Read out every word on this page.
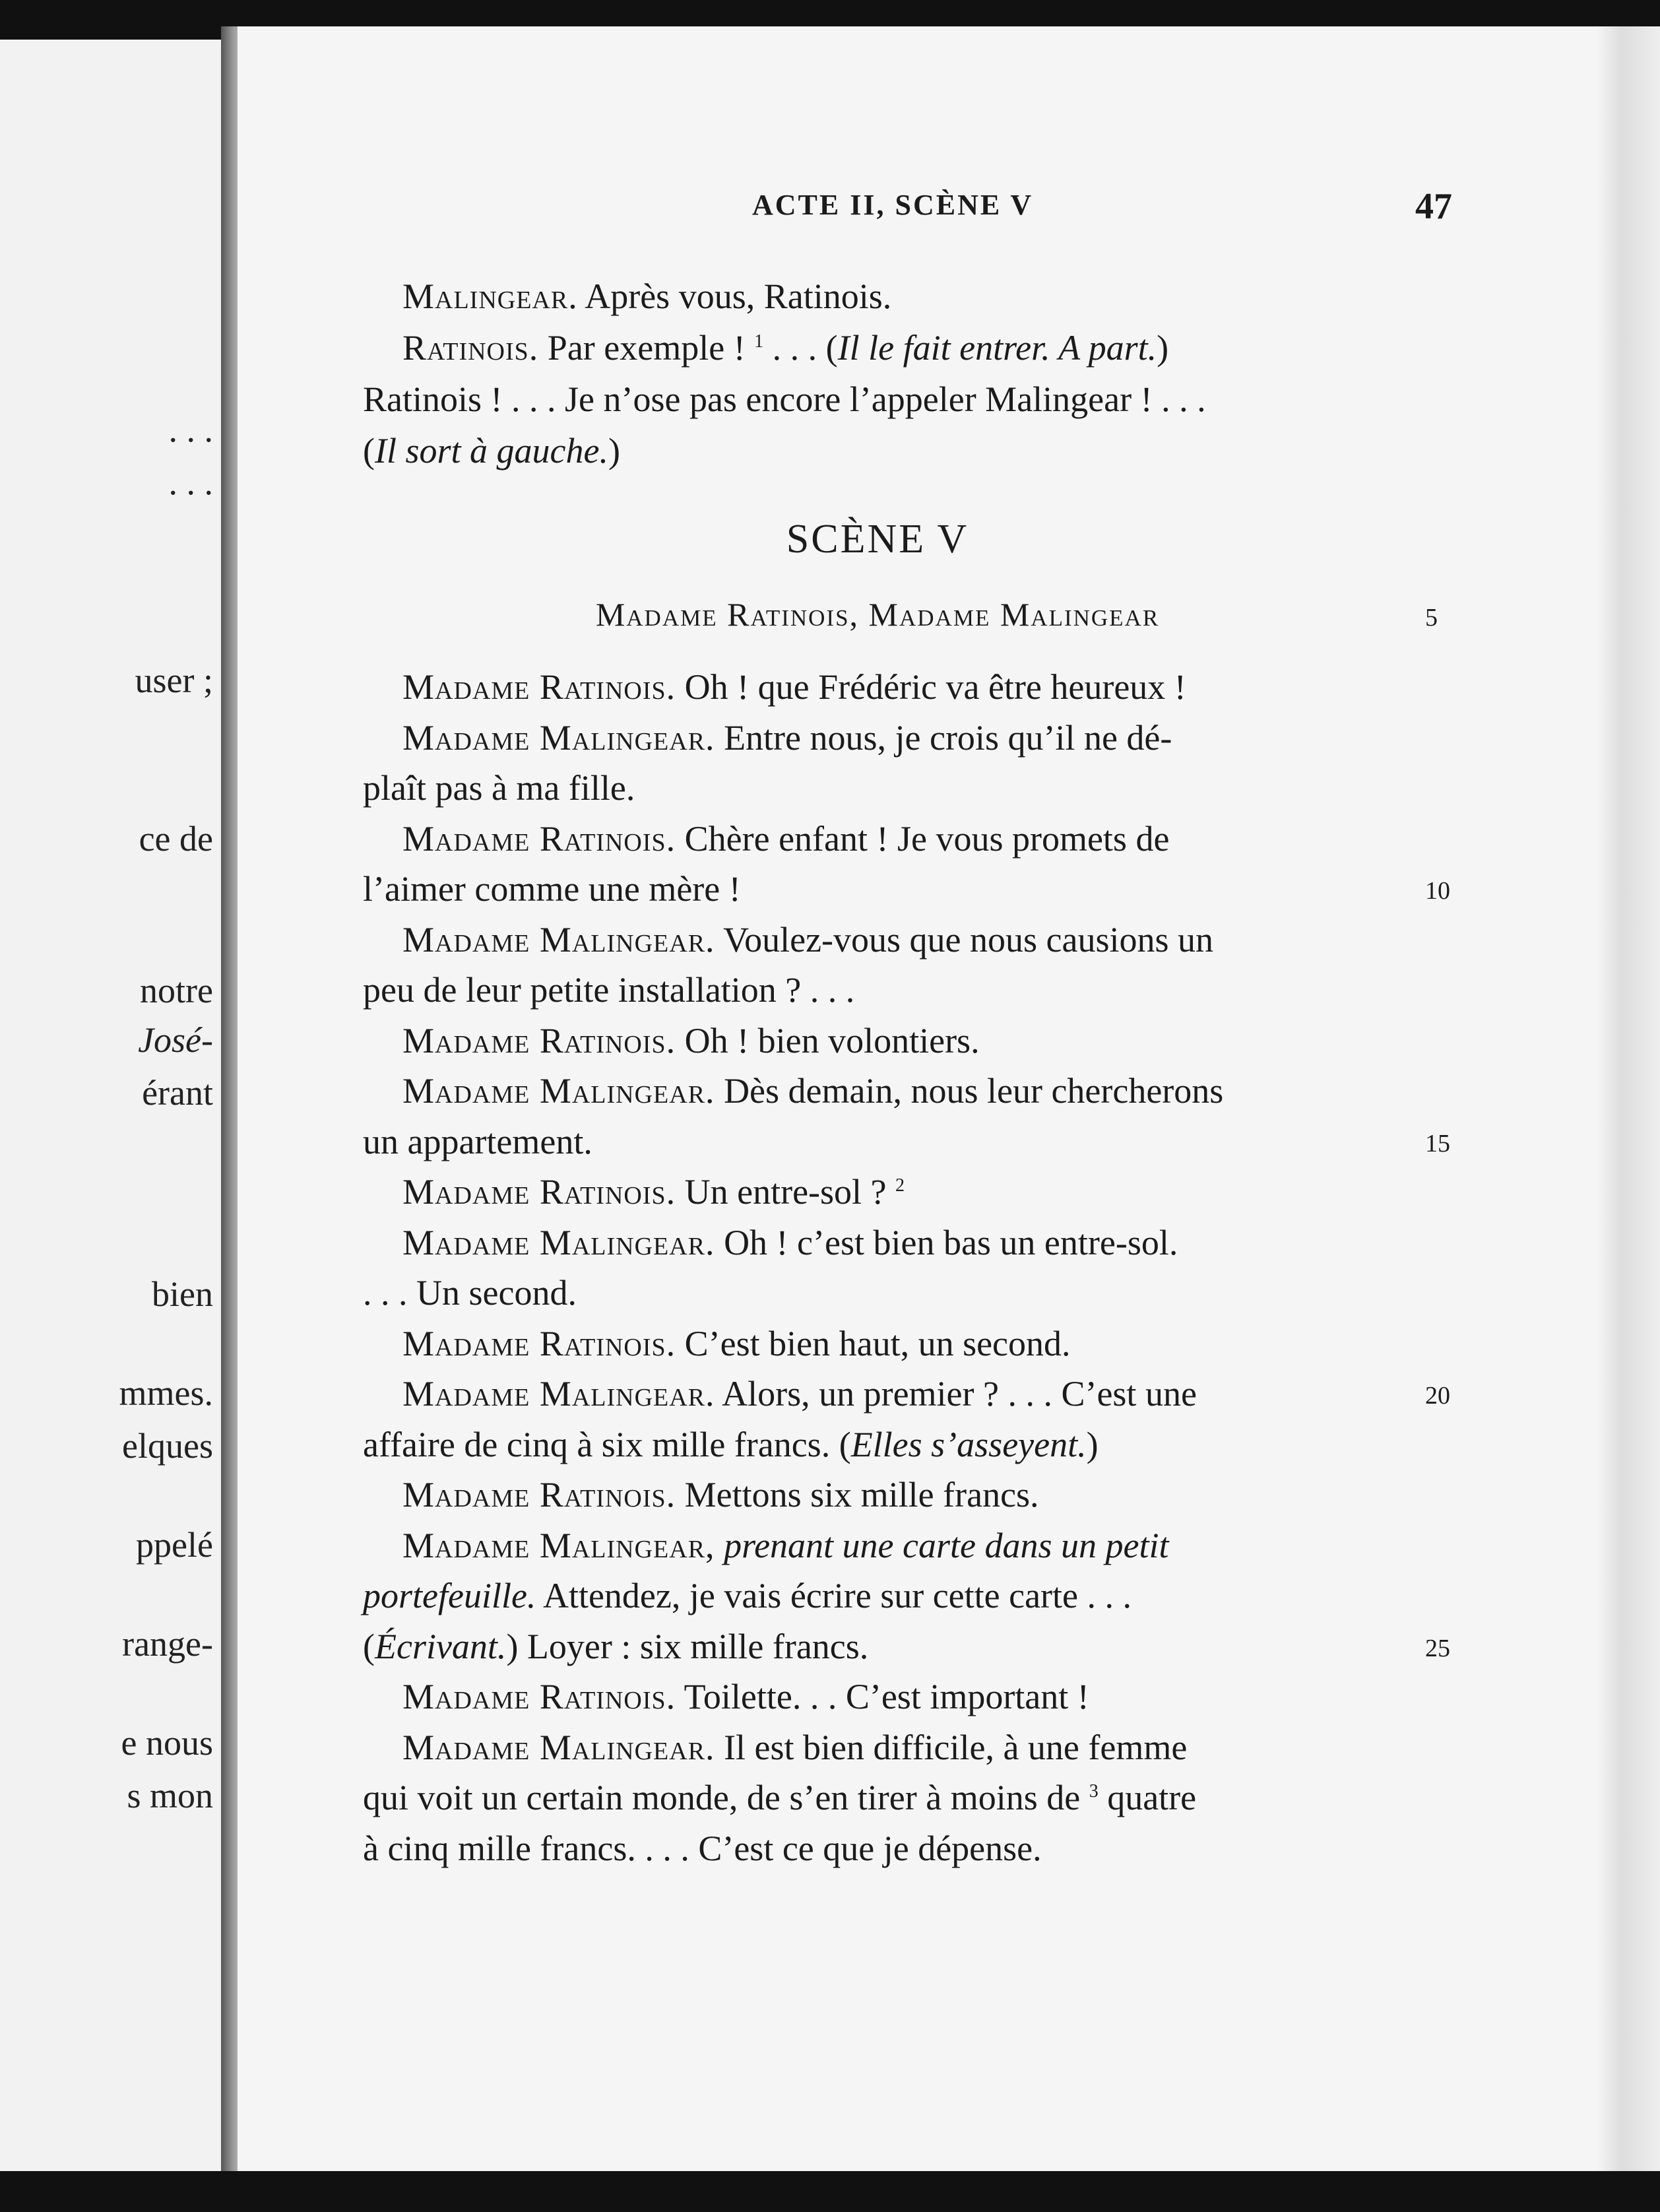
. . .
. . .
user ;
ce de
notre
José-
érant
bien
mmes.
elques
ppelé
range-
e nous
s mon
ACTE II, SCÈNE V	47
SCÈNE V
Madame Ratinois, Madame Malingear
Malingear. Après vous, Ratinois.
Ratinois. Par exemple ! $^1$ . . . (Il le fait entrer. A part.)
Ratinois ! . . . Je n’ose pas encore l’appeler Malingear ! . . .
(Il sort à gauche.)
Madame Ratinois. Oh ! que Frédéric va être heureux !
Madame Malingear. Entre nous, je crois qu’il ne dé-
plaît pas à ma fille.
Madame Ratinois. Chère enfant ! Je vous promets de
l’aimer comme une mère !
Madame Malingear. Voulez-vous que nous causions un
peu de leur petite installation ? . . .
Madame Ratinois. Oh ! bien volontiers.
Madame Malingear. Dès demain, nous leur chercherons
un appartement.
Madame Ratinois. Un entre-sol ? $^2$
Madame Malingear. Oh ! c’est bien bas un entre-sol.
. . . Un second.
Madame Ratinois. C’est bien haut, un second.
Madame Malingear. Alors, un premier ? . . . C’est une
affaire de cinq à six mille francs. (Elles s’asseyent.)
Madame Ratinois. Mettons six mille francs.
Madame Malingear, prenant une carte dans un petit
portefeuille. Attendez, je vais écrire sur cette carte . . .
(Écrivant.) Loyer : six mille francs.
Madame Ratinois. Toilette. . . C’est important !
Madame Malingear. Il est bien difficile, à une femme
qui voit un certain monde, de s’en tirer à moins de $^3$ quatre
à cinq mille francs. . . . C’est ce que je dépense.
5
10
15
20
25
